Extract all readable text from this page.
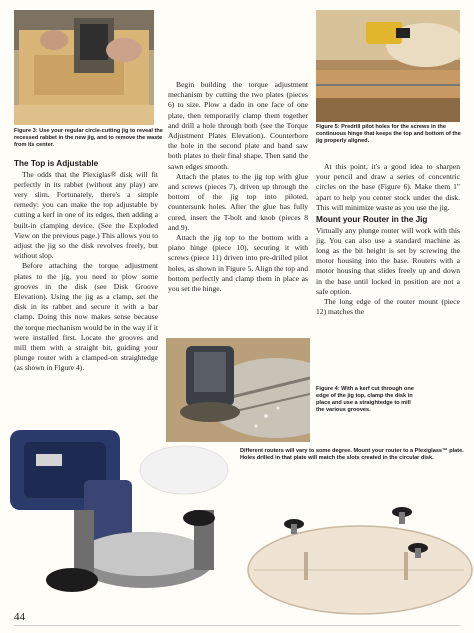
Figure 3: Use your regular circle-cutting jig to reveal the recessed rabbet in the new jig, and to remove the waste from its center.
Figure 5: Predrill pilot holes for the screws in the continuous hinge that keeps the top and bottom of the jig properly aligned.
The Top is Adjustable

The odds that the Plexiglas® disk will fit perfectly in its rabbet (without any play) are very slim. Fortunately, there's a simple remedy: you can make the top adjustable by cutting a kerf in one of its edges, then adding a built-in clamping device. (See the Exploded View on the previous page.) This allows you to adjust the jig so the disk revolves freely, but without slop.

Before attaching the torque adjustment plates to the jig, you need to plow some grooves in the disk (see Disk Groove Elevation). Using the jig as a clamp, set the disk in its rabbet and secure it with a bar clamp. Doing this now makes sense because the torque mechanism would be in the way if it were installed first. Locate the grooves and mill them with a straight bit, guiding your plunge router with a clamped-on straightedge (as shown in Figure 4).

Begin building the torque adjustment mechanism by cutting the two plates (pieces 6) to size. Plow a dado in one face of one plate, then temporarily clamp them together and drill a hole through both (see the Torque Adjustment Plates Elevation). Counterbore the hole in the second plate and band saw both plates to their final shape. Then sand the sawn edges smooth.

Attach the plates to the jig top with glue and screws (pieces 7), driven up through the bottom of the jig top into piloted, countersunk holes. After the glue has fully cured, insert the T-bolt and knob (pieces 8 and 9).

Attach the jig top to the bottom with a piano hinge (piece 10), securing it with screws (piece 11) driven into pre-drilled pilot holes, as shown in Figure 5. Align the top and bottom perfectly and clamp them in place as you set the hinge.

Figure 4: With a kerf cut through one edge of the jig top, clamp the disk in place and use a straightedge to mill the various grooves.

At this point, it's a good idea to sharpen your pencil and draw a series of concentric circles on the base (Figure 6). Make them 1" apart to help you center stock under the disk. This will minimize waste as you use the jig.

Mount your Router in the Jig

Virtually any plunge router will work with this jig. You can also use a standard machine as long as the bit height is set by screwing the motor housing into the base. Routers with a motor housing that slides freely up and down in the base until locked in position are not a safe option.

The long edge of the router mount (piece 12) matches the

Different routers will vary to some degree. Mount your router to a Plexiglass™ plate. Holes drilled in that plate will match the slots created in the circular disk.
44
